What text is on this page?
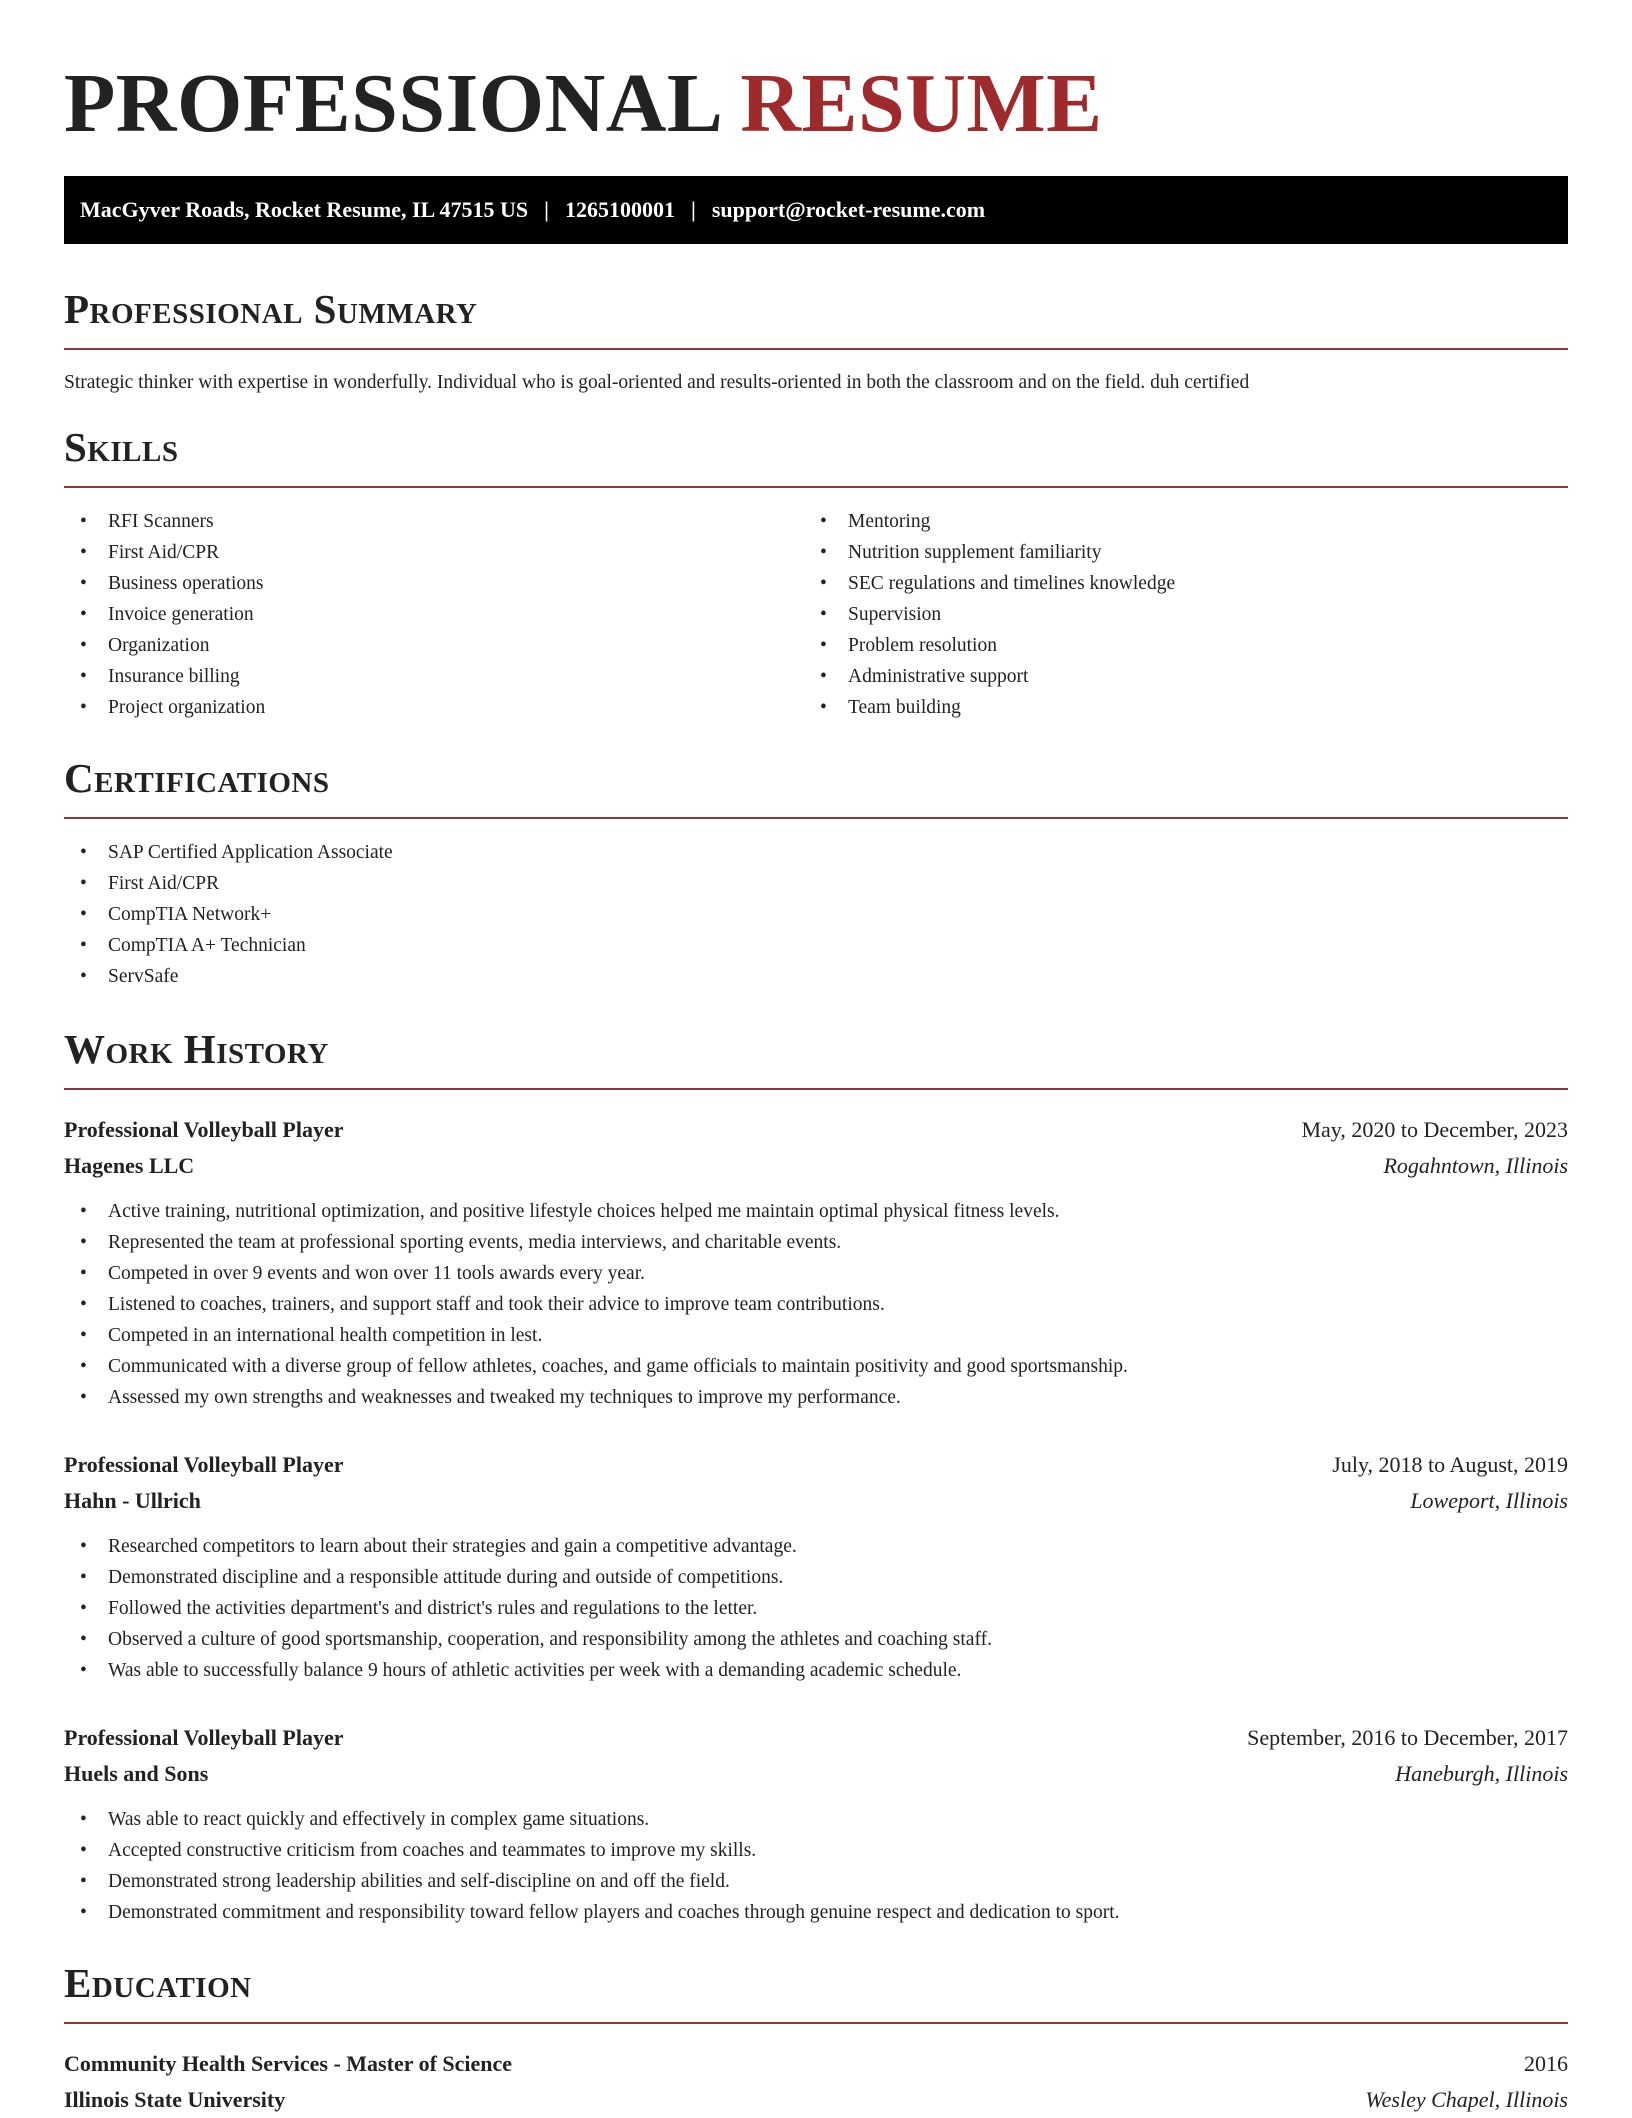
PROFESSIONAL RESUME
MacGyver Roads, Rocket Resume, IL 47515 US | 1265100001 | support@rocket-resume.com
Professional Summary
Strategic thinker with expertise in wonderfully. Individual who is goal-oriented and results-oriented in both the classroom and on the field. duh certified
Skills
• RFI Scanners
• First Aid/CPR
• Business operations
• Invoice generation
• Organization
• Insurance billing
• Project organization
• Mentoring
• Nutrition supplement familiarity
• SEC regulations and timelines knowledge
• Supervision
• Problem resolution
• Administrative support
• Team building
Certifications
• SAP Certified Application Associate
• First Aid/CPR
• CompTIA Network+
• CompTIA A+ Technician
• ServSafe
Work History
Professional Volleyball Player	May, 2020 to December, 2023
Hagenes LLC	Rogahntown, Illinois
• Active training, nutritional optimization, and positive lifestyle choices helped me maintain optimal physical fitness levels.
• Represented the team at professional sporting events, media interviews, and charitable events.
• Competed in over 9 events and won over 11 tools awards every year.
• Listened to coaches, trainers, and support staff and took their advice to improve team contributions.
• Competed in an international health competition in lest.
• Communicated with a diverse group of fellow athletes, coaches, and game officials to maintain positivity and good sportsmanship.
• Assessed my own strengths and weaknesses and tweaked my techniques to improve my performance.
Professional Volleyball Player	July, 2018 to August, 2019
Hahn - Ullrich	Loweport, Illinois
• Researched competitors to learn about their strategies and gain a competitive advantage.
• Demonstrated discipline and a responsible attitude during and outside of competitions.
• Followed the activities department's and district's rules and regulations to the letter.
• Observed a culture of good sportsmanship, cooperation, and responsibility among the athletes and coaching staff.
• Was able to successfully balance 9 hours of athletic activities per week with a demanding academic schedule.
Professional Volleyball Player	September, 2016 to December, 2017
Huels and Sons	Haneburgh, Illinois
• Was able to react quickly and effectively in complex game situations.
• Accepted constructive criticism from coaches and teammates to improve my skills.
• Demonstrated strong leadership abilities and self-discipline on and off the field.
• Demonstrated commitment and responsibility toward fellow players and coaches through genuine respect and dedication to sport.
Education
Community Health Services - Master of Science	2016
Illinois State University	Wesley Chapel, Illinois
